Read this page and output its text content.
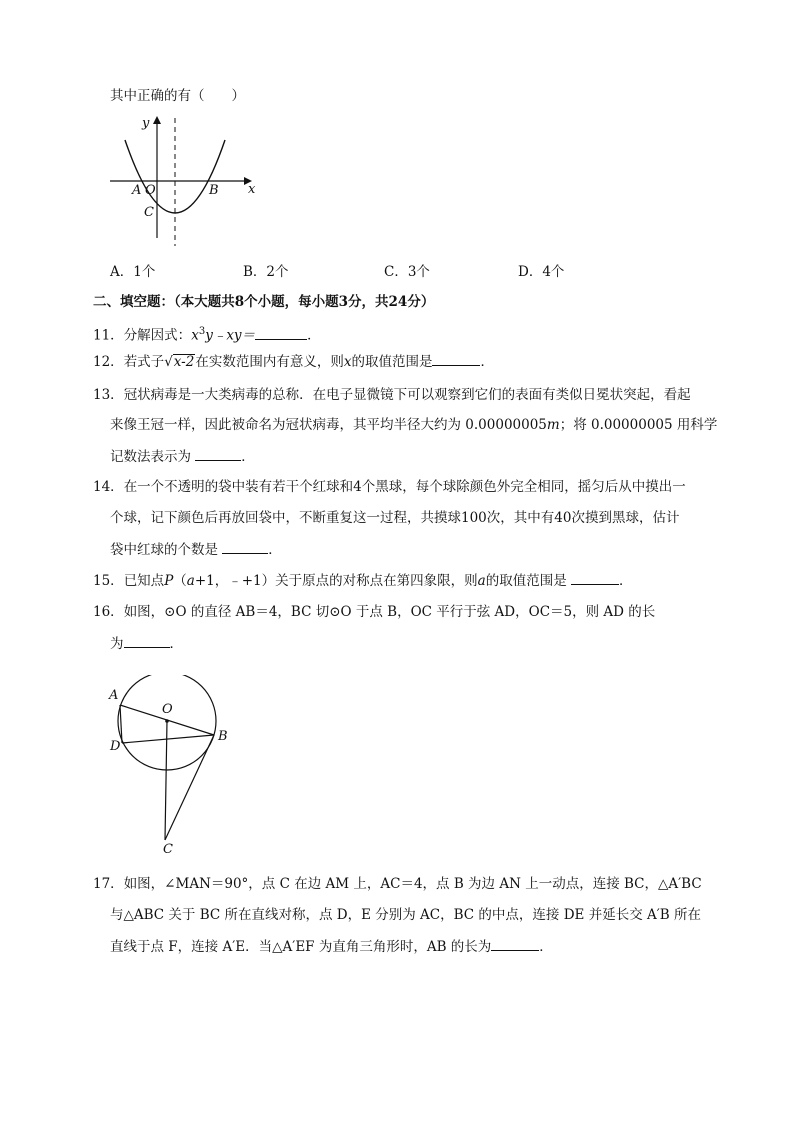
其中正确的有（　　）
y
x
A O	B
C
A．1个	B．2个	C．3个	D．4个
二、填空题：（本大题共8个小题，每小题3分，共24分）
11．分解因式：$x^3y﹣xy=$	．
12．若式子√x-2在实数范围内有意义，则x的取值范围是	．
13．冠状病毒是一大类病毒的总称．在电子显微镜下可以观察到它们的表面有类似日冕状突起，看起
来像王冠一样，因此被命名为冠状病毒，其平均半径大约为 0.00000005m；将 0.00000005 用科学
记数法表示为	．
14．在一个不透明的袋中装有若干个红球和4个黑球，每个球除颜色外完全相同，摇匀后从中摸出一
个球，记下颜色后再放回袋中，不断重复这一过程，共摸球100次，其中有40次摸到黑球，估计
袋中红球的个数是	．
15．已知点P（a+1，﹣+1）关于原点的对称点在第四象限，则a的取值范围是	．
16．如图，⊙O 的直径 AB＝4，BC 切⊙O 于点 B，OC 平行于弦 AD，OC＝5，则 AD 的长
为	．
A
O
D
B
C
17．如图，∠MAN＝90°，点 C 在边 AM 上，AC＝4，点 B 为边 AN 上一动点，连接 BC，△A′BC
与△ABC 关于 BC 所在直线对称，点 D，E 分别为 AC，BC 的中点，连接 DE 并延长交 A′B 所在
直线于点 F，连接 A′E．当△A′EF 为直角三角形时，AB 的长为	．
